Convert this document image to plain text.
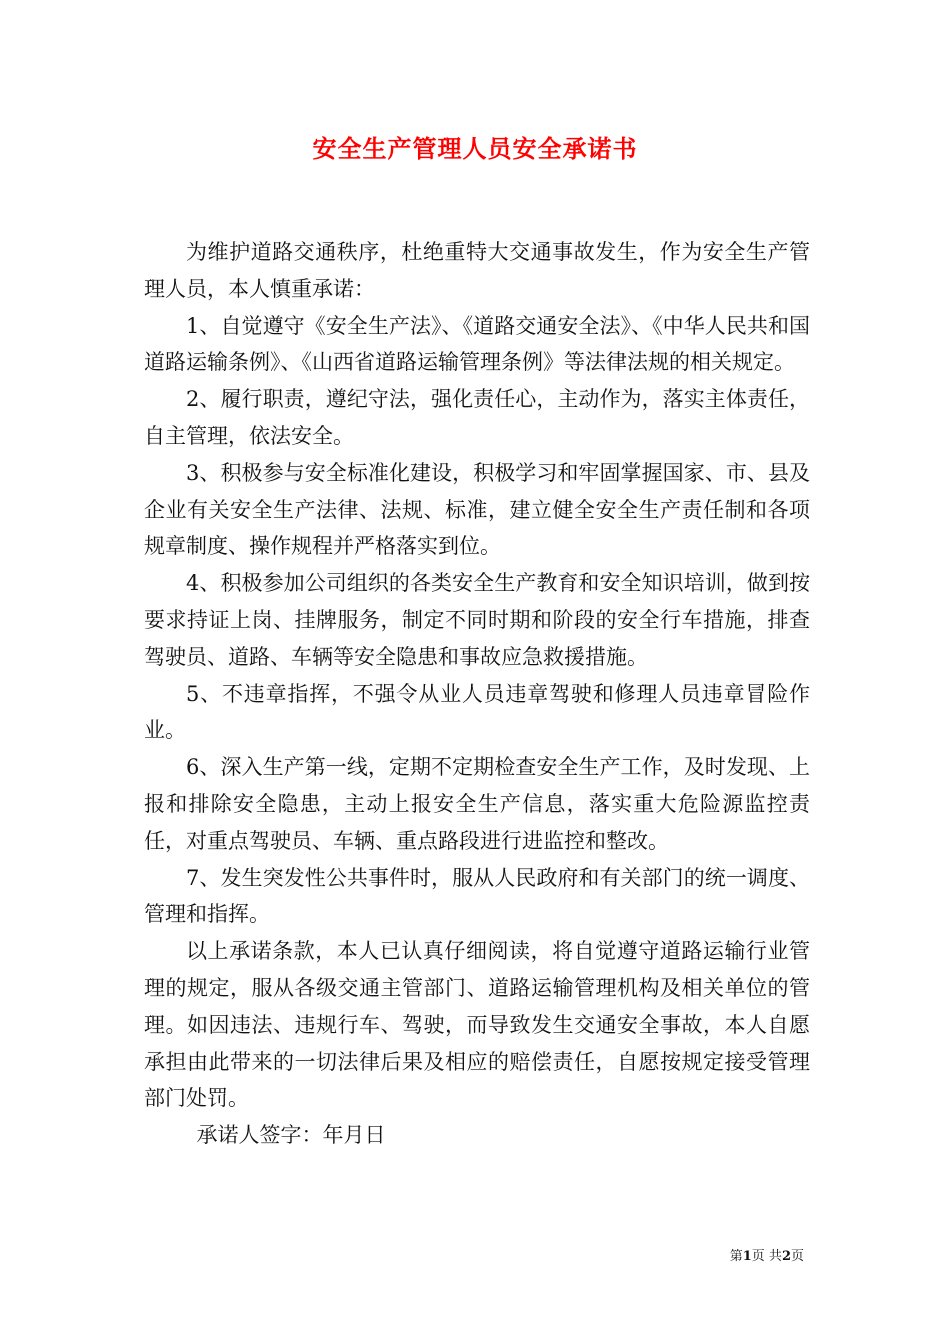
安全生产管理人员安全承诺书

为维护道路交通秩序，杜绝重特大交通事故发生，作为安全生产管理人员，本人慎重承诺：

1、自觉遵守《安全生产法》、《道路交通安全法》、《中华人民共和国道路运输条例》、《山西省道路运输管理条例》等法律法规的相关规定。

2、履行职责，遵纪守法，强化责任心，主动作为，落实主体责任，自主管理，依法安全。

3、积极参与安全标准化建设，积极学习和牢固掌握国家、市、县及企业有关安全生产法律、法规、标准，建立健全安全生产责任制和各项规章制度、操作规程并严格落实到位。

4、积极参加公司组织的各类安全生产教育和安全知识培训，做到按要求持证上岗、挂牌服务，制定不同时期和阶段的安全行车措施，排查驾驶员、道路、车辆等安全隐患和事故应急救援措施。

5、不违章指挥，不强令从业人员违章驾驶和修理人员违章冒险作业。

6、深入生产第一线，定期不定期检查安全生产工作，及时发现、上报和排除安全隐患，主动上报安全生产信息，落实重大危险源监控责任，对重点驾驶员、车辆、重点路段进行进监控和整改。

7、发生突发性公共事件时，服从人民政府和有关部门的统一调度、管理和指挥。

以上承诺条款，本人已认真仔细阅读，将自觉遵守道路运输行业管理的规定，服从各级交通主管部门、道路运输管理机构及相关单位的管理。如因违法、违规行车、驾驶，而导致发生交通安全事故，本人自愿承担由此带来的一切法律后果及相应的赔偿责任，自愿按规定接受管理部门处罚。

承诺人签字：年月日

第1页 共2页
